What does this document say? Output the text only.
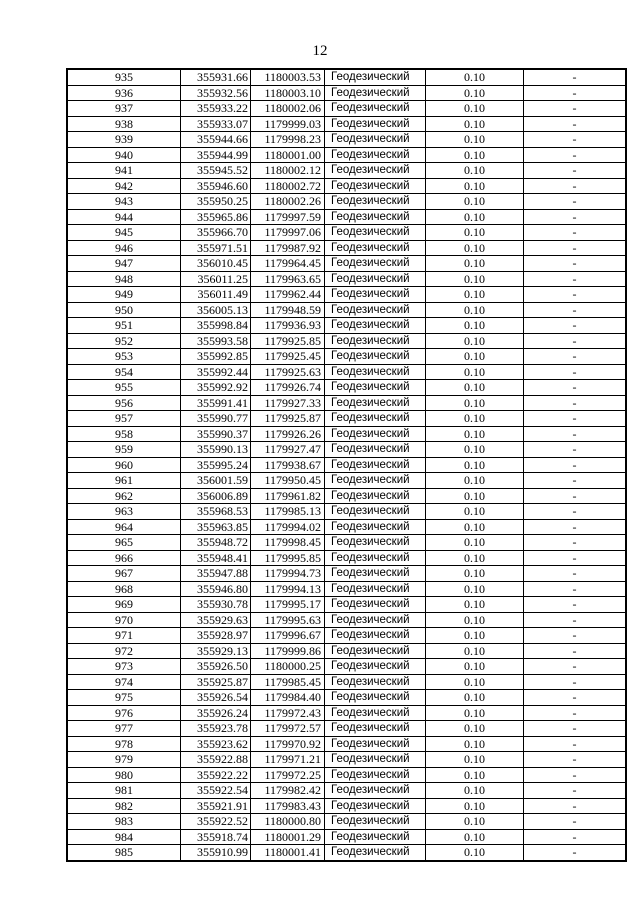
12
935	355931.66	1180003.53	Геодезический	0.10	-
936	355932.56	1180003.10	Геодезический	0.10	-
937	355933.22	1180002.06	Геодезический	0.10	-
938	355933.07	1179999.03	Геодезический	0.10	-
939	355944.66	1179998.23	Геодезический	0.10	-
940	355944.99	1180001.00	Геодезический	0.10	-
941	355945.52	1180002.12	Геодезический	0.10	-
942	355946.60	1180002.72	Геодезический	0.10	-
943	355950.25	1180002.26	Геодезический	0.10	-
944	355965.86	1179997.59	Геодезический	0.10	-
945	355966.70	1179997.06	Геодезический	0.10	-
946	355971.51	1179987.92	Геодезический	0.10	-
947	356010.45	1179964.45	Геодезический	0.10	-
948	356011.25	1179963.65	Геодезический	0.10	-
949	356011.49	1179962.44	Геодезический	0.10	-
950	356005.13	1179948.59	Геодезический	0.10	-
951	355998.84	1179936.93	Геодезический	0.10	-
952	355993.58	1179925.85	Геодезический	0.10	-
953	355992.85	1179925.45	Геодезический	0.10	-
954	355992.44	1179925.63	Геодезический	0.10	-
955	355992.92	1179926.74	Геодезический	0.10	-
956	355991.41	1179927.33	Геодезический	0.10	-
957	355990.77	1179925.87	Геодезический	0.10	-
958	355990.37	1179926.26	Геодезический	0.10	-
959	355990.13	1179927.47	Геодезический	0.10	-
960	355995.24	1179938.67	Геодезический	0.10	-
961	356001.59	1179950.45	Геодезический	0.10	-
962	356006.89	1179961.82	Геодезический	0.10	-
963	355968.53	1179985.13	Геодезический	0.10	-
964	355963.85	1179994.02	Геодезический	0.10	-
965	355948.72	1179998.45	Геодезический	0.10	-
966	355948.41	1179995.85	Геодезический	0.10	-
967	355947.88	1179994.73	Геодезический	0.10	-
968	355946.80	1179994.13	Геодезический	0.10	-
969	355930.78	1179995.17	Геодезический	0.10	-
970	355929.63	1179995.63	Геодезический	0.10	-
971	355928.97	1179996.67	Геодезический	0.10	-
972	355929.13	1179999.86	Геодезический	0.10	-
973	355926.50	1180000.25	Геодезический	0.10	-
974	355925.87	1179985.45	Геодезический	0.10	-
975	355926.54	1179984.40	Геодезический	0.10	-
976	355926.24	1179972.43	Геодезический	0.10	-
977	355923.78	1179972.57	Геодезический	0.10	-
978	355923.62	1179970.92	Геодезический	0.10	-
979	355922.88	1179971.21	Геодезический	0.10	-
980	355922.22	1179972.25	Геодезический	0.10	-
981	355922.54	1179982.42	Геодезический	0.10	-
982	355921.91	1179983.43	Геодезический	0.10	-
983	355922.52	1180000.80	Геодезический	0.10	-
984	355918.74	1180001.29	Геодезический	0.10	-
985	355910.99	1180001.41	Геодезический	0.10	-
